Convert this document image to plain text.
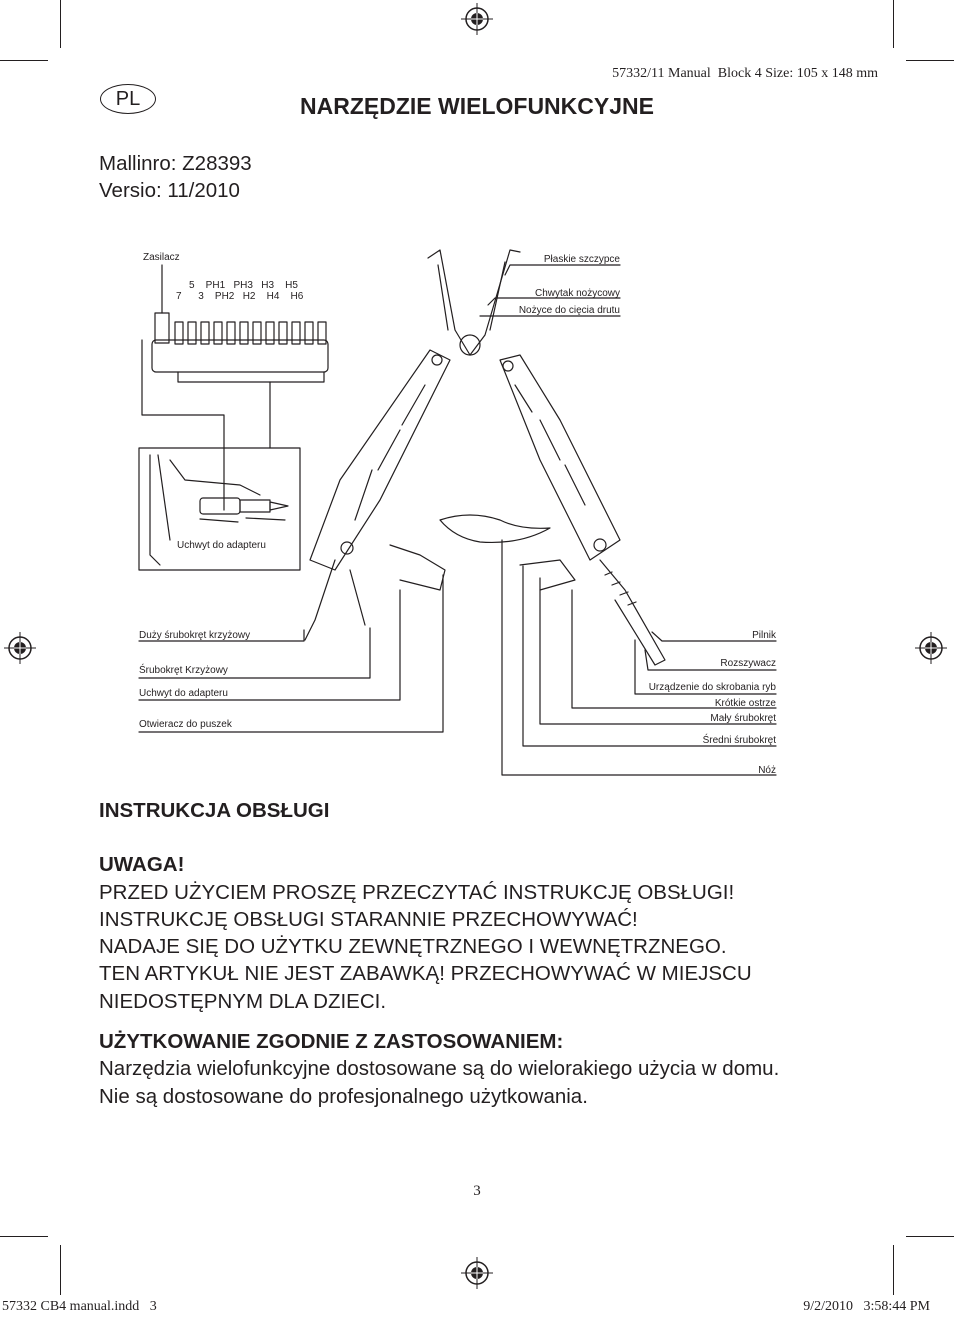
57332/11 Manual  Block 4 Size: 105 x 148 mm
PL	NARZĘDZIE WIELOFUNKCYJNE
Mallinro: Z28393
Versio: 11/2010
Zasilacz
5    PH1   PH3   H3    H5
7      3    PH2   H2    H4    H6
Uchwyt do adapteru
Duży śrubokręt krzyżowy
Śrubokręt Krzyżowy
Uchwyt do adapteru
Otwieracz do puszek
Płaskie szczypce
Chwytak nożycowy
Nożyce do cięcia drutu
Pilnik
Rozszywacz
Urządzenie do skrobania ryb
Krótkie ostrze
Mały śrubokręt
Średni śrubokręt
Nóż
INSTRUKCJA OBSŁUGI
UWAGA!
PRZED UŻYCIEM PROSZĘ PRZECZYTAĆ INSTRUKCJĘ OBSŁUGI!
INSTRUKCJĘ OBSŁUGI STARANNIE PRZECHOWYWAĆ!
NADAJE SIĘ DO UŻYTKU ZEWNĘTRZNEGO I WEWNĘTRZNEGO.
TEN ARTYKUŁ NIE JEST ZABAWKĄ! PRZECHOWYWAĆ W MIEJSCU
NIEDOSTĘPNYM DLA DZIECI.
UŻYTKOWANIE ZGODNIE Z ZASTOSOWANIEM:
Narzędzia wielofunkcyjne dostosowane są do wielorakiego użycia w domu.
Nie są dostosowane do profesjonalnego użytkowania.
3
57332 CB4 manual.indd   3	9/2/2010   3:58:44 PM
